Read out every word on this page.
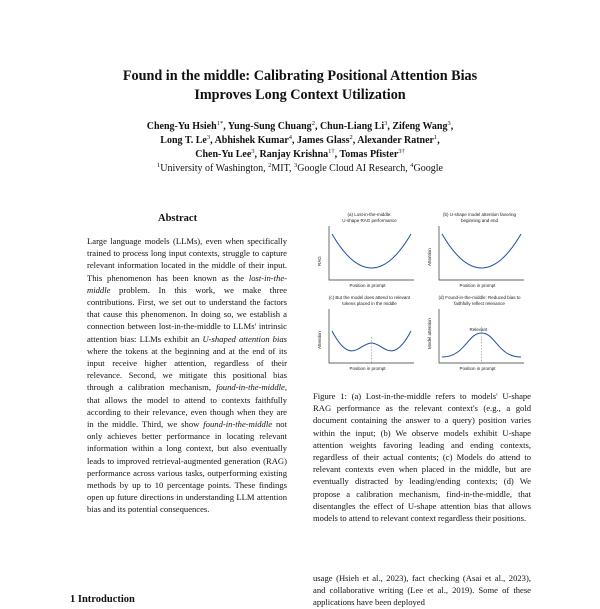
Found in the middle: Calibrating Positional Attention Bias
Improves Long Context Utilization
Cheng-Yu Hsieh$^{1*}$, Yung-Sung Chuang$^2$, Chun-Liang Li$^3$, Zifeng Wang$^3$,
Long T. Le$^3$, Abhishek Kumar$^4$, James Glass$^2$, Alexander Ratner$^1$,
Chen-Yu Lee$^3$, Ranjay Krishna$^{1\dagger}$, Tomas Pfister$^{3\dagger}$
$^1$University of Washington, $^2$MIT, $^3$Google Cloud AI Research, $^4$Google
Abstract
Large language models (LLMs), even when specifically trained to process long input contexts, struggle to capture relevant information located in the middle of their input. This phenomenon has been known as the lost-in-the-middle problem. In this work, we make three contributions. First, we set out to understand the factors that cause this phenomenon. In doing so, we establish a connection between lost-in-the-middle to LLMs' intrinsic attention bias: LLMs exhibit an U-shaped attention bias where the tokens at the beginning and at the end of its input receive higher attention, regardless of their relevance. Second, we mitigate this positional bias through a calibration mechanism, found-in-the-middle, that allows the model to attend to contexts faithfully according to their relevance, even though when they are in the middle. Third, we show found-in-the-middle not only achieves better performance in locating relevant information within a long context, but also eventually leads to improved retrieval-augmented generation (RAG) performance across various tasks, outperforming existing methods by up to 10 percentage points. These findings open up future directions in understanding LLM attention bias and its potential consequences.
(a) Lost-in-the-middle:
U-shape RAG performance
Position in prompt
RAG
(b) U-shape model attention favoring
beginning and end
Position in prompt
Attention
(c) But the model does attend to relevant
tokens placed in the middle
Position in prompt
Attention
(d) Found-in-the-middle: Reduced bias to
faithfully reflect relevance
Relevant
Position in prompt
Model attention
Figure 1: (a) Lost-in-the-middle refers to models' U-shape RAG performance as the relevant context's (e.g., a gold document containing the answer to a query) position varies within the input; (b) We observe models exhibit U-shape attention weights favoring leading and ending contexts, regardless of their actual contents; (c) Models do attend to relevant contexts even when placed in the middle, but are eventually distracted by leading/ending contexts; (d) We propose a calibration mechanism, find-in-the-middle, that disentangles the effect of U-shape attention bias that allows models to attend to relevant context regardless their positions.
usage (Hsieh et al., 2023), fact checking (Asai et al., 2023), and collaborative writing (Lee et al., 2019). Some of these applications have been deployed
1 Introduction
